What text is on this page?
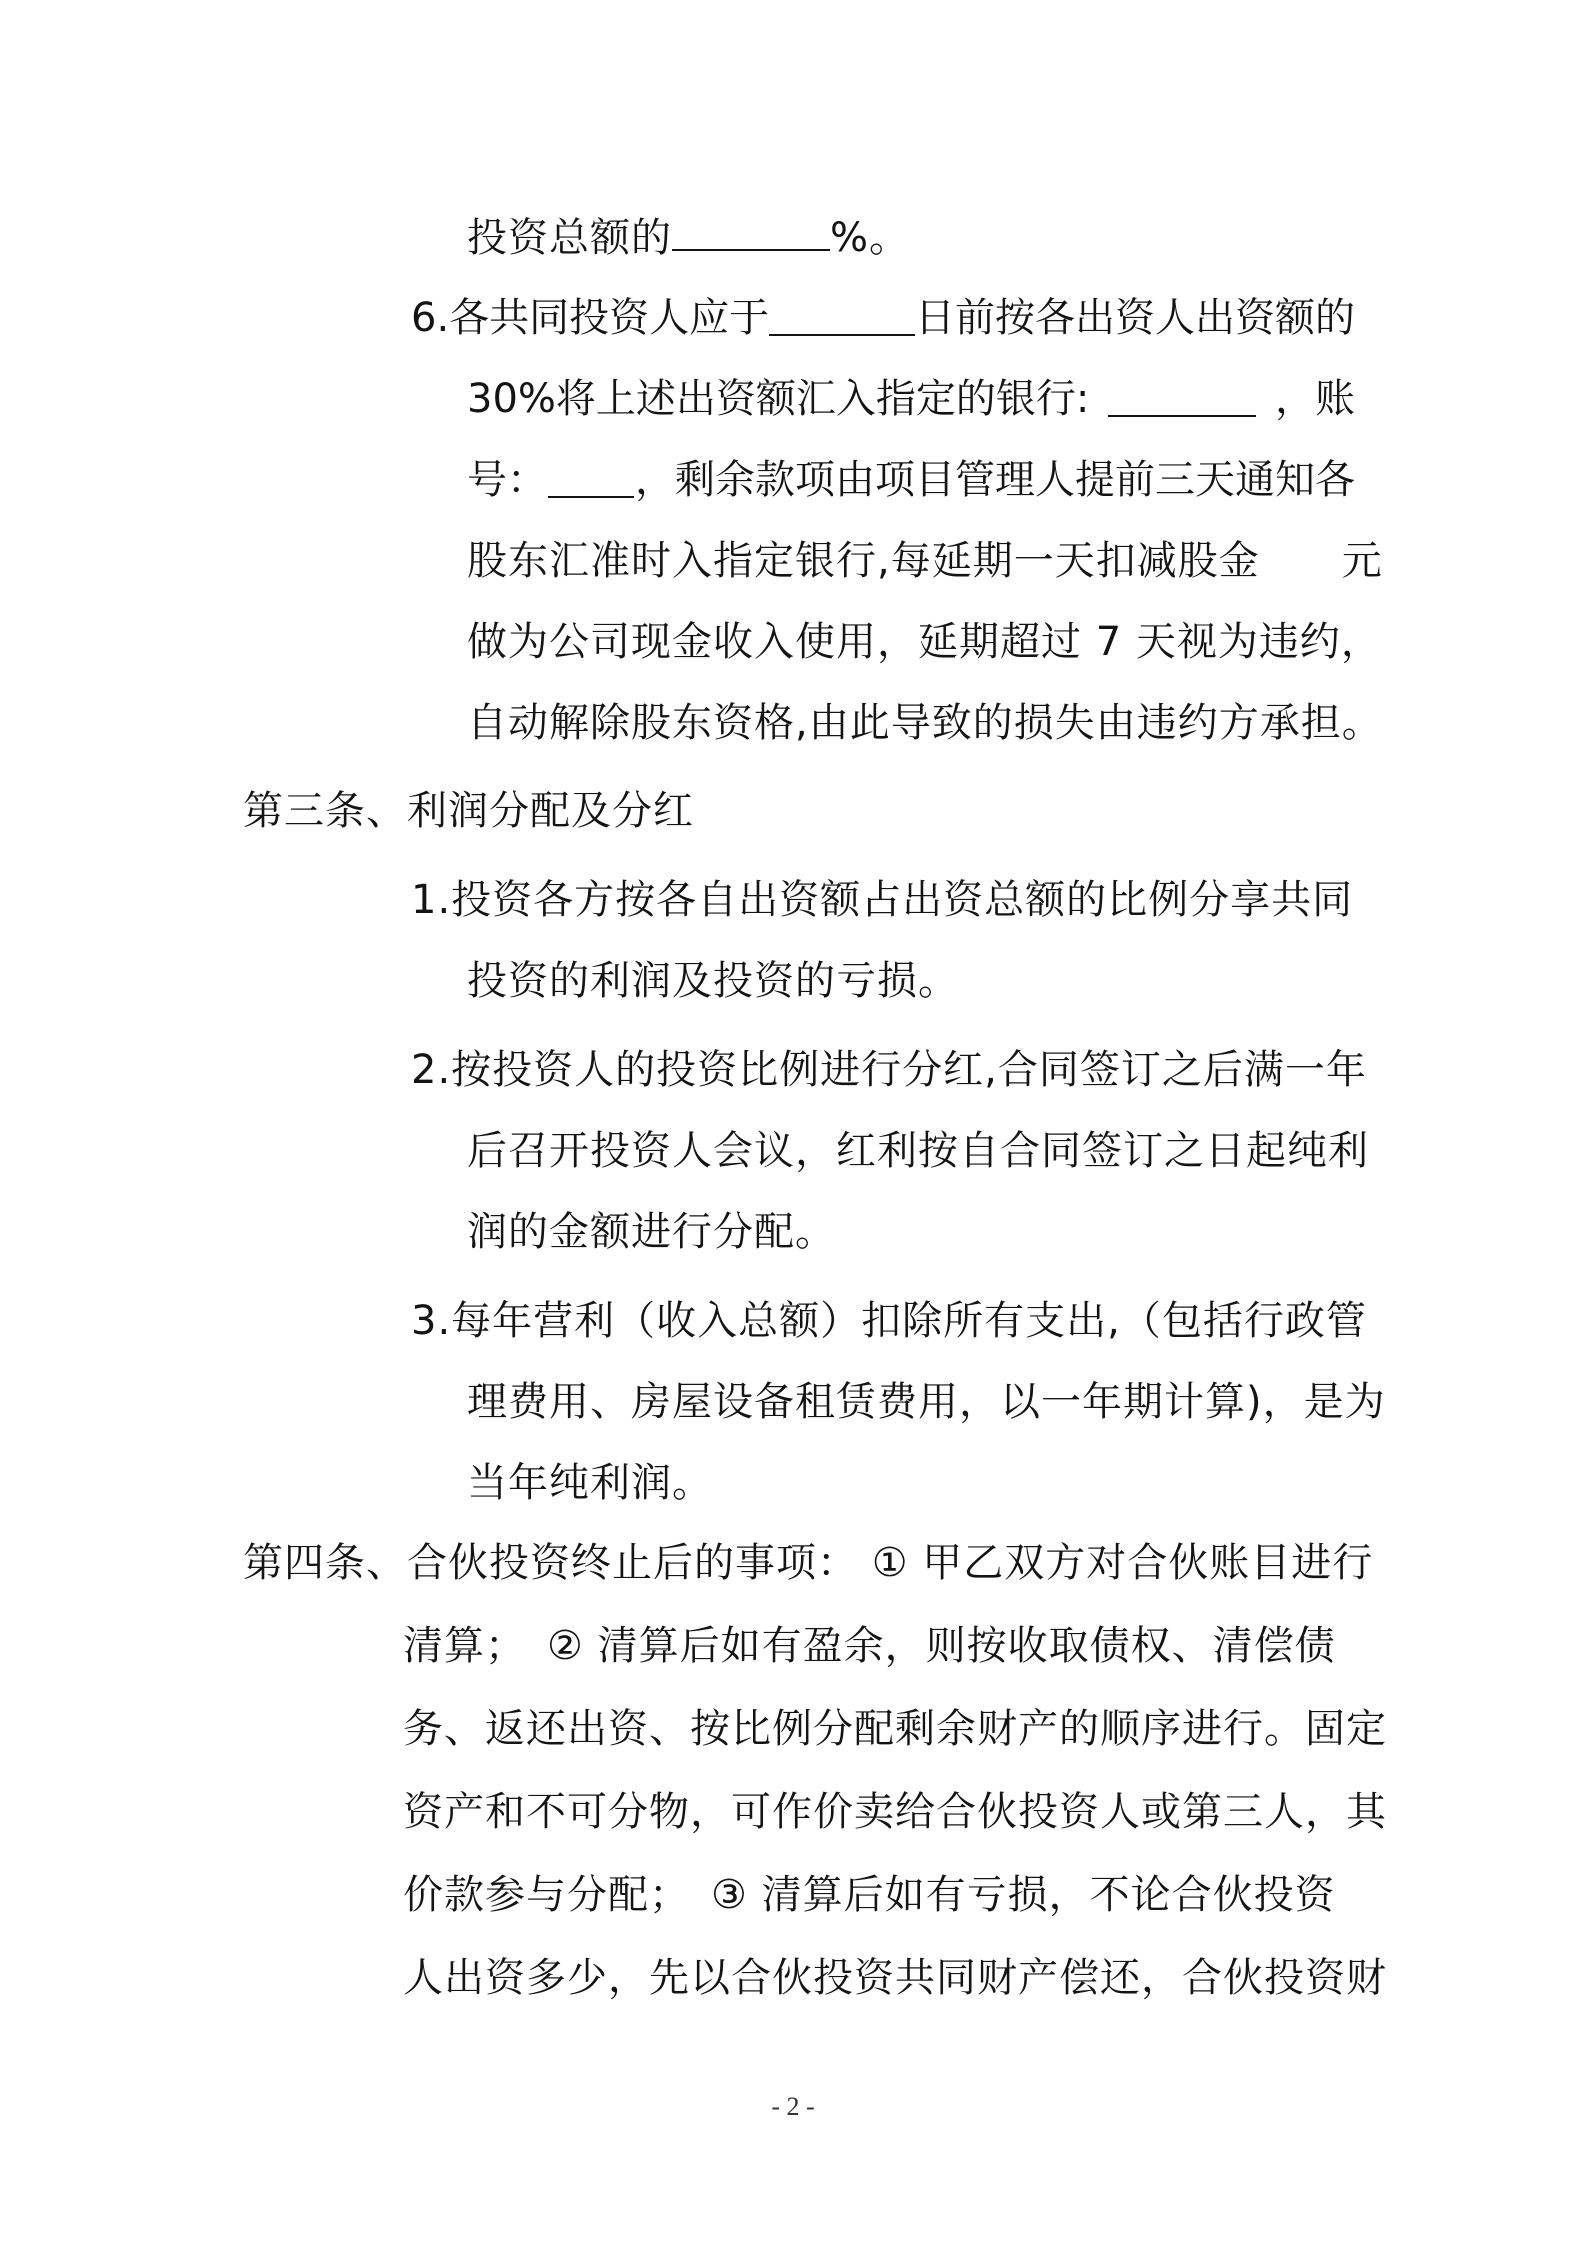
投资总额的	%。
6.各共同投资人应于	日前按各出资人出资额的
30%将上述出资额汇入指定的银行:	，账
号： ，剩余款项由项目管理人提前三天通知各
股东汇准时入指定银行,每延期一天扣减股金　　元
做为公司现金收入使用，延期超过 7 天视为违约，
自动解除股东资格,由此导致的损失由违约方承担。
第三条、利润分配及分红
1.投资各方按各自出资额占出资总额的比例分享共同
投资的利润及投资的亏损。
2.按投资人的投资比例进行分红,合同签订之后满一年
后召开投资人会议，红利按自合同签订之日起纯利
润的金额进行分配。
3.每年营利（收入总额）扣除所有支出,（包括行政管
理费用、房屋设备租赁费用，以一年期计算)，是为
当年纯利润。
第四条、合伙投资终止后的事项： ① 甲乙双方对合伙账目进行
清算；　② 清算后如有盈余，则按收取债权、清偿债
务、返还出资、按比例分配剩余财产的顺序进行。固定
资产和不可分物，可作价卖给合伙投资人或第三人，其
价款参与分配；　③ 清算后如有亏损，不论合伙投资
人出资多少，先以合伙投资共同财产偿还，合伙投资财
- 2 -
